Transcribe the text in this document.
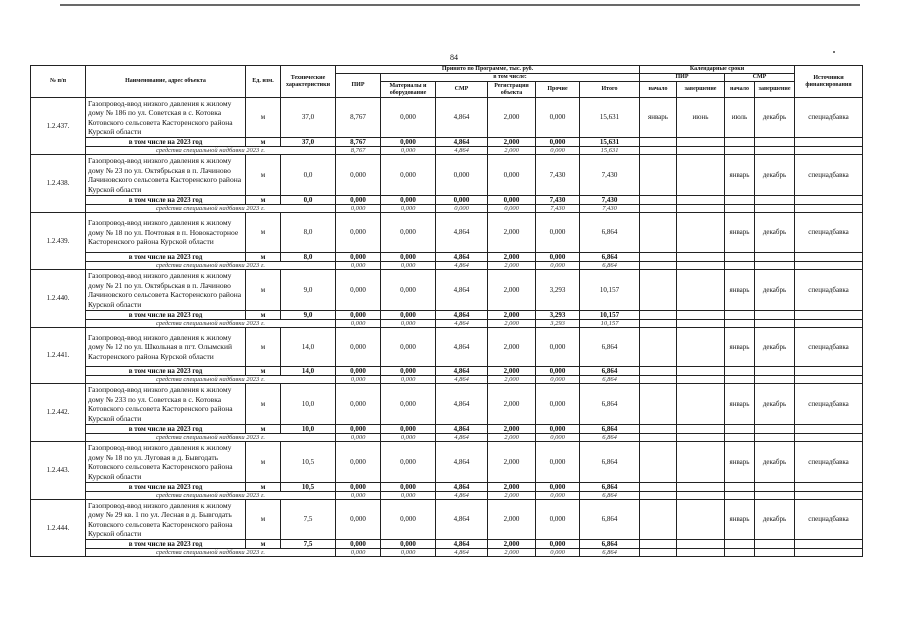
84
№ п/п	Наименование, адрес объекта	Ед. изм.	Технические характеристики	Принято по Программе, тыс. руб.						Календарные сроки				Источники финансирования
				ПИР	в том числе:					ПИР		СМР		
					Материалы и оборудование	СМР	Регистрация объекта	Прочие	Итого	начало	завершение	начало	завершение	
1.2.437.	Газопровод-ввод низкого давления к жилому дому № 186 по ул. Советская в с. Котовка Котовского сельсовета Касторенского района Курской области	м	37,0	8,767	0,000	4,864	2,000	0,000	15,631	январь	июнь	июль	декабрь	спецнадбавка
	в том числе на 2023 год	м	37,0	8,767	0,000	4,864	2,000	0,000	15,631					
	средства специальной надбавки 2023 г.			8,767	0,000	4,864	2,000	0,000	15,631					
1.2.438.	Газопровод-ввод низкого давления к жилому дому № 23 по ул. Октябрьская в п. Лачиново Лачиновского сельсовета Касторенского района Курской области	м	0,0	0,000	0,000	0,000	0,000	7,430	7,430			январь	декабрь	спецнадбавка
	в том числе на 2023 год	м	0,0	0,000	0,000	0,000	0,000	7,430	7,430					
	средства специальной надбавки 2023 г.			0,000	0,000	0,000	0,000	7,430	7,430					
1.2.439.	Газопровод-ввод низкого давления к жилому дому № 18 по ул. Почтовая в п. Новокасторное Касторенского района Курской области	м	8,0	0,000	0,000	4,864	2,000	0,000	6,864			январь	декабрь	спецнадбавка
	в том числе на 2023 год	м	8,0	0,000	0,000	4,864	2,000	0,000	6,864					
	средства специальной надбавки 2023 г.			0,000	0,000	4,864	2,000	0,000	6,864					
1.2.440.	Газопровод-ввод низкого давления к жилому дому № 21 по ул. Октябрьская в п. Лачиново Лачиновского сельсовета Касторенского района Курской области	м	9,0	0,000	0,000	4,864	2,000	3,293	10,157			январь	декабрь	спецнадбавка
	в том числе на 2023 год	м	9,0	0,000	0,000	4,864	2,000	3,293	10,157					
	средства специальной надбавки 2023 г.			0,000	0,000	4,864	2,000	3,293	10,157					
1.2.441.	Газопровод-ввод низкого давления к жилому дому № 12 по ул. Школьная в пгт. Олымский Касторенского района Курской области	м	14,0	0,000	0,000	4,864	2,000	0,000	6,864			январь	декабрь	спецнадбавка
	в том числе на 2023 год	м	14,0	0,000	0,000	4,864	2,000	0,000	6,864					
	средства специальной надбавки 2023 г.			0,000	0,000	4,864	2,000	0,000	6,864					
1.2.442.	Газопровод-ввод низкого давления к жилому дому № 233 по ул. Советская в с. Котовка Котовского сельсовета Касторенского района Курской области	м	10,0	0,000	0,000	4,864	2,000	0,000	6,864			январь	декабрь	спецнадбавка
	в том числе на 2023 год	м	10,0	0,000	0,000	4,864	2,000	0,000	6,864					
	средства специальной надбавки 2023 г.			0,000	0,000	4,864	2,000	0,000	6,864					
1.2.443.	Газопровод-ввод низкого давления к жилому дому № 18 по ул. Луговая в д. Бывгодать Котовского сельсовета Касторенского района Курской области	м	10,5	0,000	0,000	4,864	2,000	0,000	6,864			январь	декабрь	спецнадбавка
	в том числе на 2023 год	м	10,5	0,000	0,000	4,864	2,000	0,000	6,864					
	средства специальной надбавки 2023 г.			0,000	0,000	4,864	2,000	0,000	6,864					
1.2.444.	Газопровод-ввод низкого давления к жилому дому № 29 кв. 1 по ул. Лесная в д. Бывгодать Котовского сельсовета Касторенского района Курской области	м	7,5	0,000	0,000	4,864	2,000	0,000	6,864			январь	декабрь	спецнадбавка
	в том числе на 2023 год	м	7,5	0,000	0,000	4,864	2,000	0,000	6,864					
	средства специальной надбавки 2023 г.			0,000	0,000	4,864	2,000	0,000	6,864					
